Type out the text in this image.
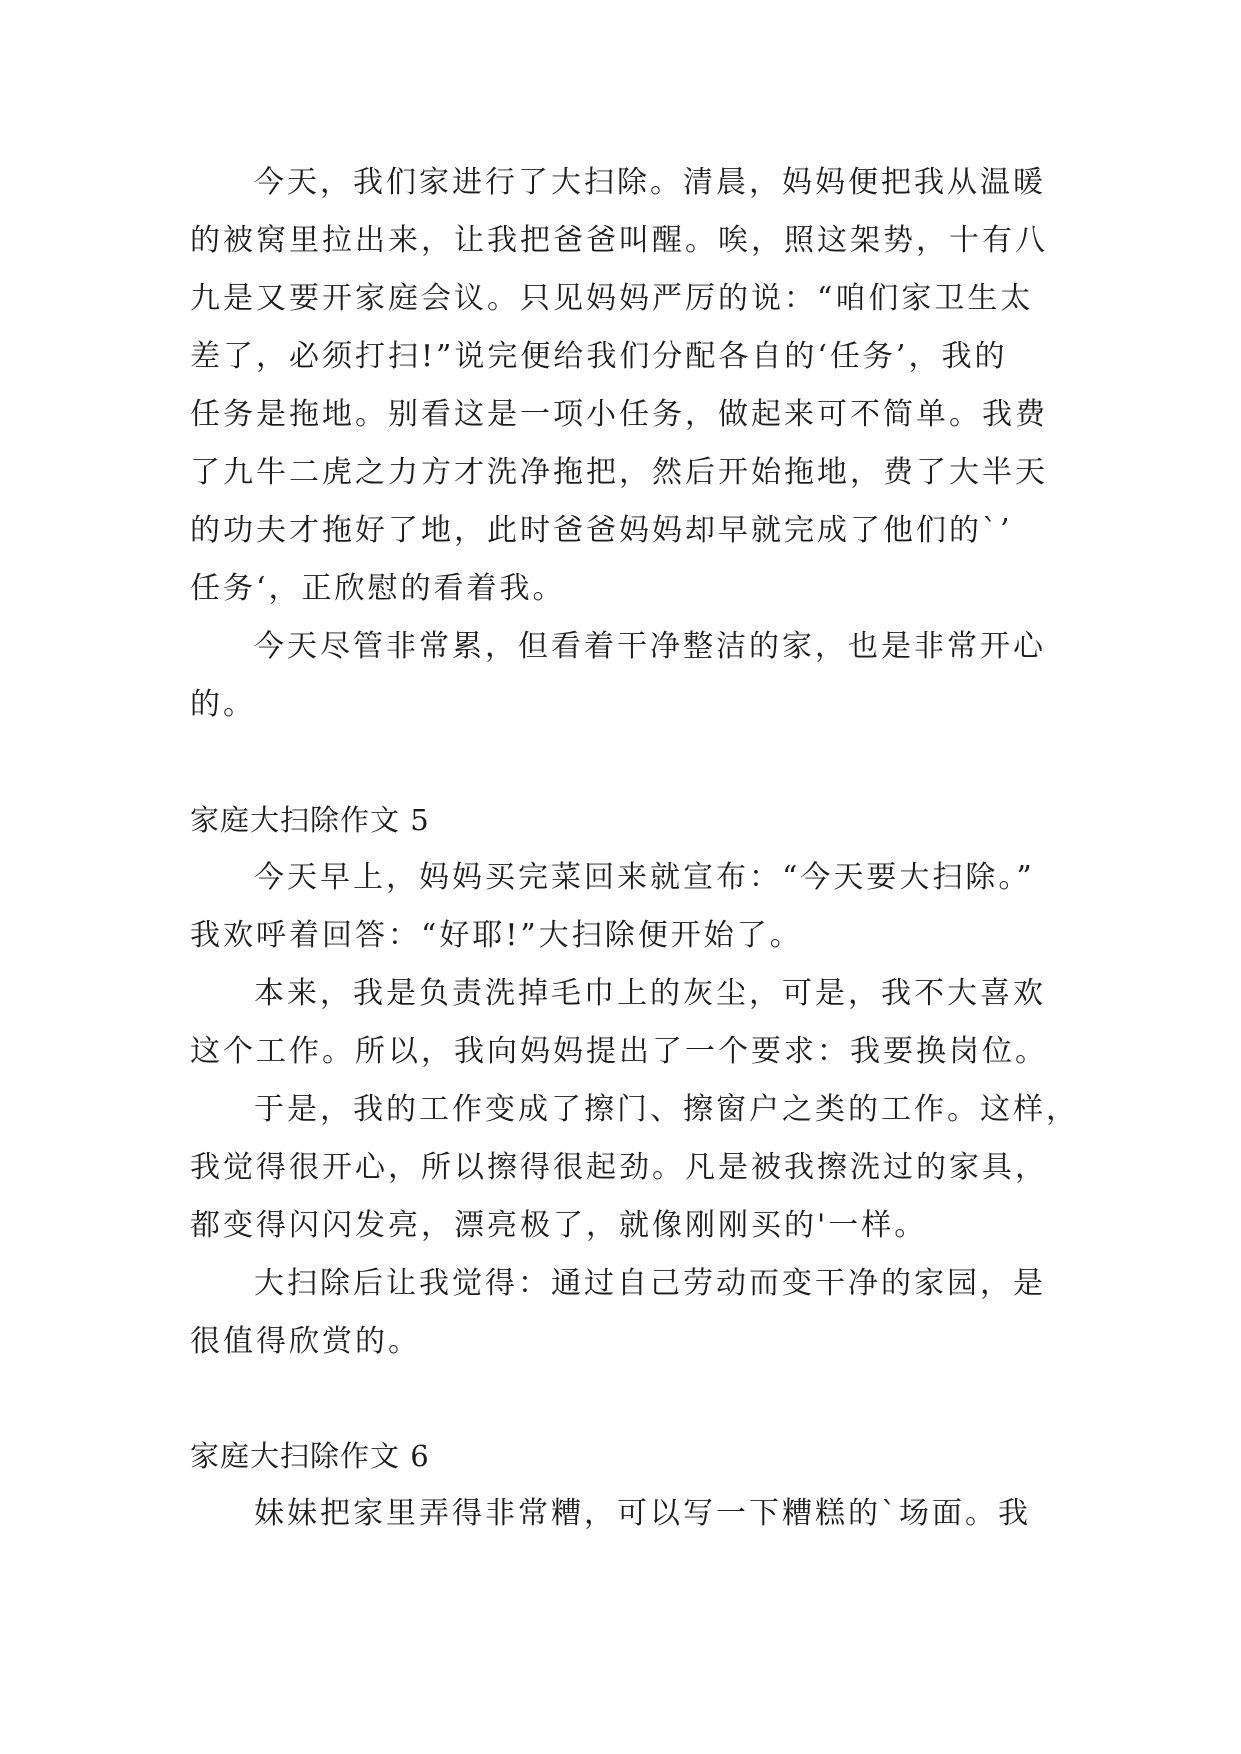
今天，我们家进行了大扫除。清晨，妈妈便把我从温暖
的被窝里拉出来，让我把爸爸叫醒。唉，照这架势，十有八
九是又要开家庭会议。只见妈妈严厉的说：“咱们家卫生太
差了，必须打扫!”说完便给我们分配各自的‘任务’，我的
任务是拖地。别看这是一项小任务，做起来可不简单。我费
了九牛二虎之力方才洗净拖把，然后开始拖地，费了大半天
的功夫才拖好了地，此时爸爸妈妈却早就完成了他们的`’
任务‘，正欣慰的看着我。
今天尽管非常累，但看着干净整洁的家，也是非常开心
的。
家庭大扫除作文 5
今天早上，妈妈买完菜回来就宣布：“今天要大扫除。”
我欢呼着回答：“好耶!”大扫除便开始了。
本来，我是负责洗掉毛巾上的灰尘，可是，我不大喜欢
这个工作。所以，我向妈妈提出了一个要求：我要换岗位。
于是，我的工作变成了擦门、擦窗户之类的工作。这样，
我觉得很开心，所以擦得很起劲。凡是被我擦洗过的家具，
都变得闪闪发亮，漂亮极了，就像刚刚买的'一样。
大扫除后让我觉得：通过自己劳动而变干净的家园，是
很值得欣赏的。
家庭大扫除作文 6
妹妹把家里弄得非常糟，可以写一下糟糕的`场面。我
